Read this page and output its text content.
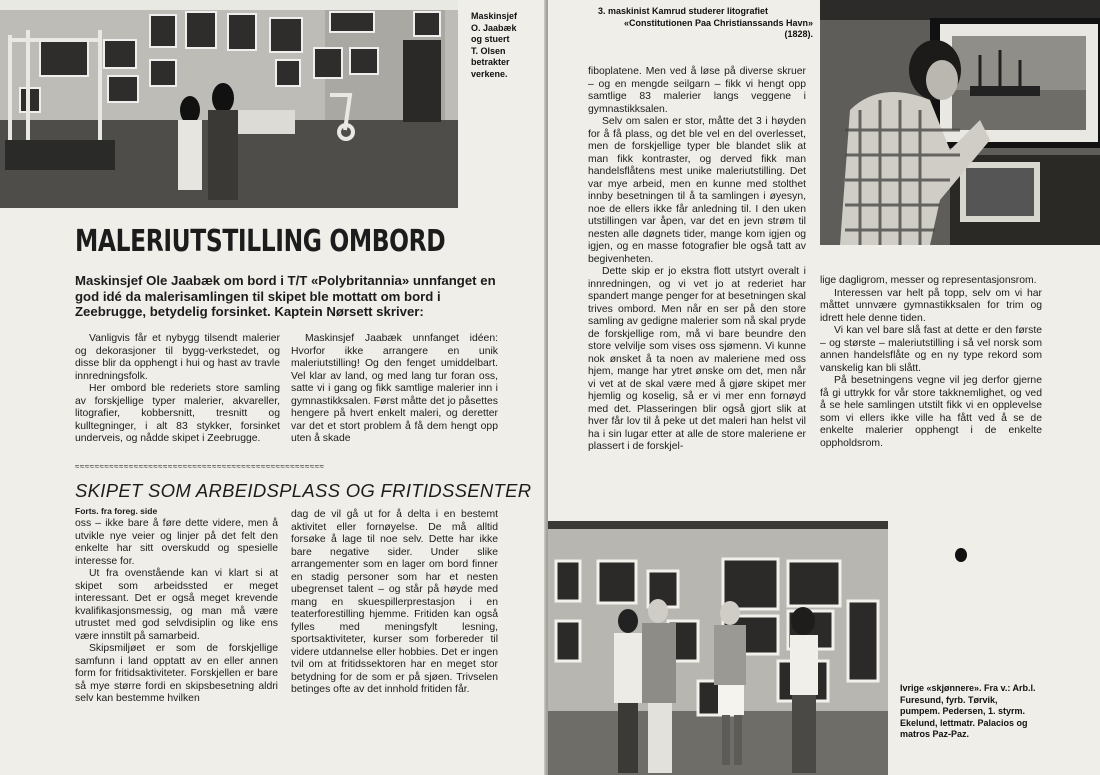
Maskinsjef
O. Jaabæk
og stuert
T. Olsen
betrakter
verkene.
MALERIUTSTILLING OMBORD
Maskinsjef Ole Jaabæk om bord i T/T «Polybritannia» unnfanget en god idé da malerisamlingen til skipet ble mottatt om bord i Zeebrugge, betydelig forsinket. Kaptein Nørsett skriver:

Vanligvis får et nybygg tilsendt malerier og dekorasjoner til bygg-verkstedet, og disse blir da opphengt i hui og hast av travle innredningsfolk.

Her ombord ble rederiets store samling av forskjellige typer malerier, akvareller, litografier, kobbersnitt, tresnitt og kulltegninger, i alt 83 stykker, forsinket underveis, og nådde skipet i Zeebrugge.

Maskinsjef Jaabæk unnfanget idéen: Hvorfor ikke arrangere en unik maleriutstilling! Og den fenget umiddelbart. Vel klar av land, og med lang tur foran oss, satte vi i gang og fikk samtlige malerier inn i gymnastikksalen. Først måtte det jo påsettes hengere på hvert enkelt maleri, og deretter var det et stort problem å få dem hengt opp uten å skade

≈≈≈≈≈≈≈≈≈≈≈≈≈≈≈≈≈≈≈≈≈≈≈≈≈≈≈≈≈≈≈≈≈≈≈≈≈≈≈≈≈≈≈≈≈≈≈≈≈≈≈
SKIPET SOM ARBEIDSPLASS OG FRITIDSSENTER
Forts. fra foreg. side

oss – ikke bare å føre dette videre, men å utvikle nye veier og linjer på det felt den enkelte har sitt overskudd og spesielle interesse for.

Ut fra ovenstående kan vi klart si at skipet som arbeidssted er meget interessant. Det er også meget krevende kvalifikasjonsmessig, og man må være utrustet med god selvdisiplin og like ens være innstilt på samarbeid.

Skipsmiljøet er som de forskjellige samfunn i land opptatt av en eller annen form for fritidsaktiviteter. Forskjellen er bare så mye større fordi en skipsbesetning aldri selv kan bestemme hvilken

dag de vil gå ut for å delta i en bestemt aktivitet eller fornøyelse. De må alltid forsøke å lage til noe selv. Dette har ikke bare negative sider. Under slike arrangementer som en lager om bord finner en stadig personer som har et nesten ubegrenset talent – og står på høyde med mang en skuespillerprestasjon i en teaterforestilling hjemme. Fritiden kan også fylles med meningsfylt lesning, sportsaktiviteter, kurser som forbereder til videre utdannelse eller hobbies. Det er ingen tvil om at fritidssektoren har en meget stor betydning for de som er på sjøen. Trivselen betinges ofte av det innhold fritiden får.

3. maskinist Kamrud studerer litografiet
«Constitutionen Paa Christianssands Havn»
(1828).

fiboplatene. Men ved å løse på diverse skruer – og en mengde seilgarn – fikk vi hengt opp samtlige 83 malerier langs veggene i gymnastikksalen.

Selv om salen er stor, måtte det 3 i høyden for å få plass, og det ble vel en del overlesset, men de forskjellige typer ble blandet slik at man fikk kontraster, og derved fikk man handelsflåtens mest unike maleriutstilling. Det var mye arbeid, men en kunne med stolthet innby besetningen til å ta samlingen i øyesyn, noe de ellers ikke får anledning til. I den uken utstillingen var åpen, var det en jevn strøm til nesten alle døgnets tider, mange kom igjen og igjen, og en masse fotografier ble også tatt av begivenheten.

Dette skip er jo ekstra flott utstyrt overalt i innredningen, og vi vet jo at rederiet har spandert mange penger for at besetningen skal trives ombord. Men når en ser på den store samling av gedigne malerier som nå skal pryde de forskjellige rom, må vi bare beundre den store velvilje som vises oss sjømenn. Vi kunne nok ønsket å ta noen av maleriene med oss hjem, mange har ytret ønske om det, men når vi vet at de skal være med å gjøre skipet mer hjemlig og koselig, så er vi mer enn fornøyd med det. Plasseringen blir også gjort slik at hver får lov til å peke ut det maleri han helst vil ha i sin lugar etter at alle de store maleriene er plassert i de forskjel-

lige dagligrom, messer og representasjonsrom.

Interessen var helt på topp, selv om vi har måttet unnvære gymnastikksalen for trim og idrett hele denne tiden.

Vi kan vel bare slå fast at dette er den første – og største – maleriutstilling i så vel norsk som annen handelsflåte og en ny type rekord som vanskelig kan bli slått.

På besetningens vegne vil jeg derfor gjerne få gi uttrykk for vår store takknemlighet, og ved å se hele samlingen utstilt fikk vi en opplevelse som vi ellers ikke ville ha fått ved å se de enkelte malerier opphengt i de enkelte oppholdsrom.

Ivrige «skjønnere». Fra v.: Arb.l.
Furesund, fyrb. Tørvik,
pumpem. Pedersen, 1. styrm.
Ekelund, lettmatr. Palacios og
matros Paz-Paz.
